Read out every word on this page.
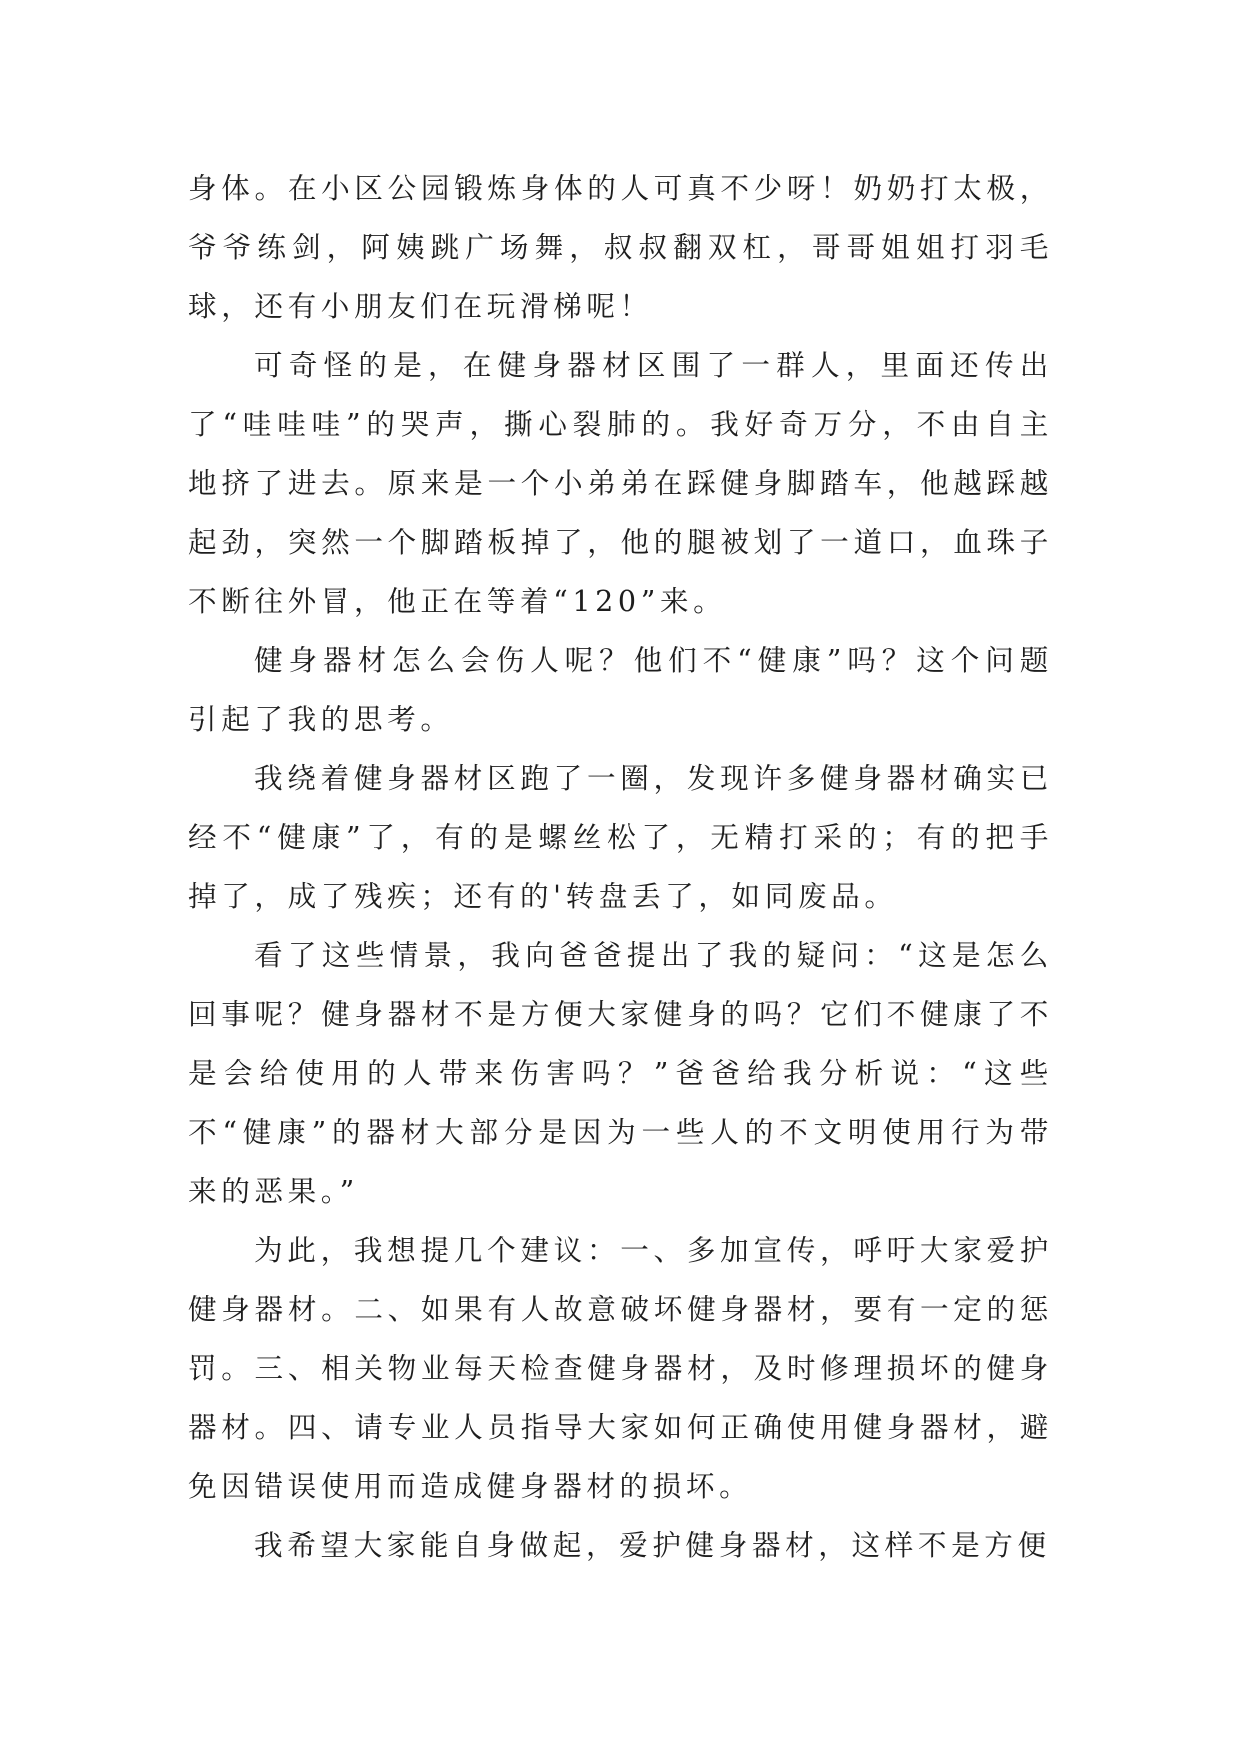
身体。在小区公园锻炼身体的人可真不少呀！奶奶打太极，爷爷练剑，阿姨跳广场舞，叔叔翻双杠，哥哥姐姐打羽毛球，还有小朋友们在玩滑梯呢！

可奇怪的是，在健身器材区围了一群人，里面还传出了“哇哇哇”的哭声，撕心裂肺的。我好奇万分，不由自主地挤了进去。原来是一个小弟弟在踩健身脚踏车，他越踩越起劲，突然一个脚踏板掉了，他的腿被划了一道口，血珠子不断往外冒，他正在等着“120”来。

健身器材怎么会伤人呢？他们不“健康”吗？这个问题引起了我的思考。

我绕着健身器材区跑了一圈，发现许多健身器材确实已经不“健康”了，有的是螺丝松了，无精打采的；有的把手掉了，成了残疾；还有的'转盘丢了，如同废品。

看了这些情景，我向爸爸提出了我的疑问：“这是怎么回事呢？健身器材不是方便大家健身的吗？它们不健康了不是会给使用的人带来伤害吗？”爸爸给我分析说：“这些不“健康”的器材大部分是因为一些人的不文明使用行为带来的恶果。”

为此，我想提几个建议：一、多加宣传，呼吁大家爱护健身器材。二、如果有人故意破坏健身器材，要有一定的惩罚。三、相关物业每天检查健身器材，及时修理损坏的健身器材。四、请专业人员指导大家如何正确使用健身器材，避免因错误使用而造成健身器材的损坏。

我希望大家能自身做起，爱护健身器材，这样不是方便
